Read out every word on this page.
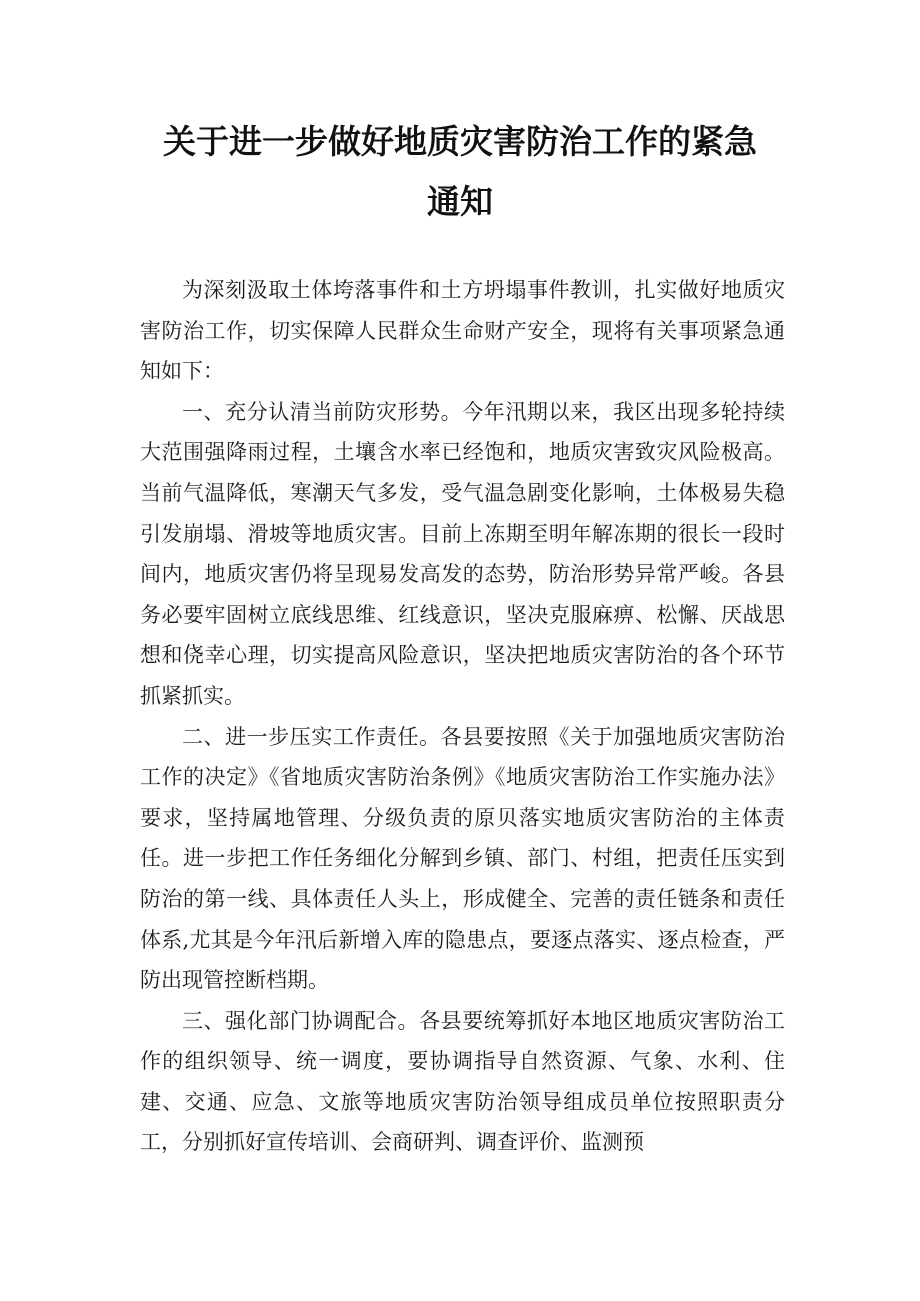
关于进一步做好地质灾害防治工作的紧急
通知

为深刻汲取土体垮落事件和土方坍塌事件教训，扎实做好地质灾害防治工作，切实保障人民群众生命财产安全，现将有关事项紧急通知如下：

一、充分认清当前防灾形势。今年汛期以来，我区出现多轮持续大范围强降雨过程，土壤含水率已经饱和，地质灾害致灾风险极高。当前气温降低，寒潮天气多发，受气温急剧变化影响，土体极易失稳引发崩塌、滑坡等地质灾害。目前上冻期至明年解冻期的很长一段时间内，地质灾害仍将呈现易发高发的态势，防治形势异常严峻。各县务必要牢固树立底线思维、红线意识，坚决克服麻痹、松懈、厌战思想和侥幸心理，切实提高风险意识，坚决把地质灾害防治的各个环节抓紧抓实。

二、进一步压实工作责任。各县要按照《关于加强地质灾害防治工作的决定》《省地质灾害防治条例》《地质灾害防治工作实施办法》要求，坚持属地管理、分级负责的原贝落实地质灾害防治的主体责任。进一步把工作任务细化分解到乡镇、部门、村组，把责任压实到防治的第一线、具体责任人头上，形成健全、完善的责任链条和责任体系,尤其是今年汛后新增入库的隐患点，要逐点落实、逐点检查，严防出现管控断档期。

三、强化部门协调配合。各县要统筹抓好本地区地质灾害防治工作的组织领导、统一调度，要协调指导自然资源、气象、水利、住建、交通、应急、文旅等地质灾害防治领导组成员单位按照职责分工，分别抓好宣传培训、会商研判、调查评价、监测预
